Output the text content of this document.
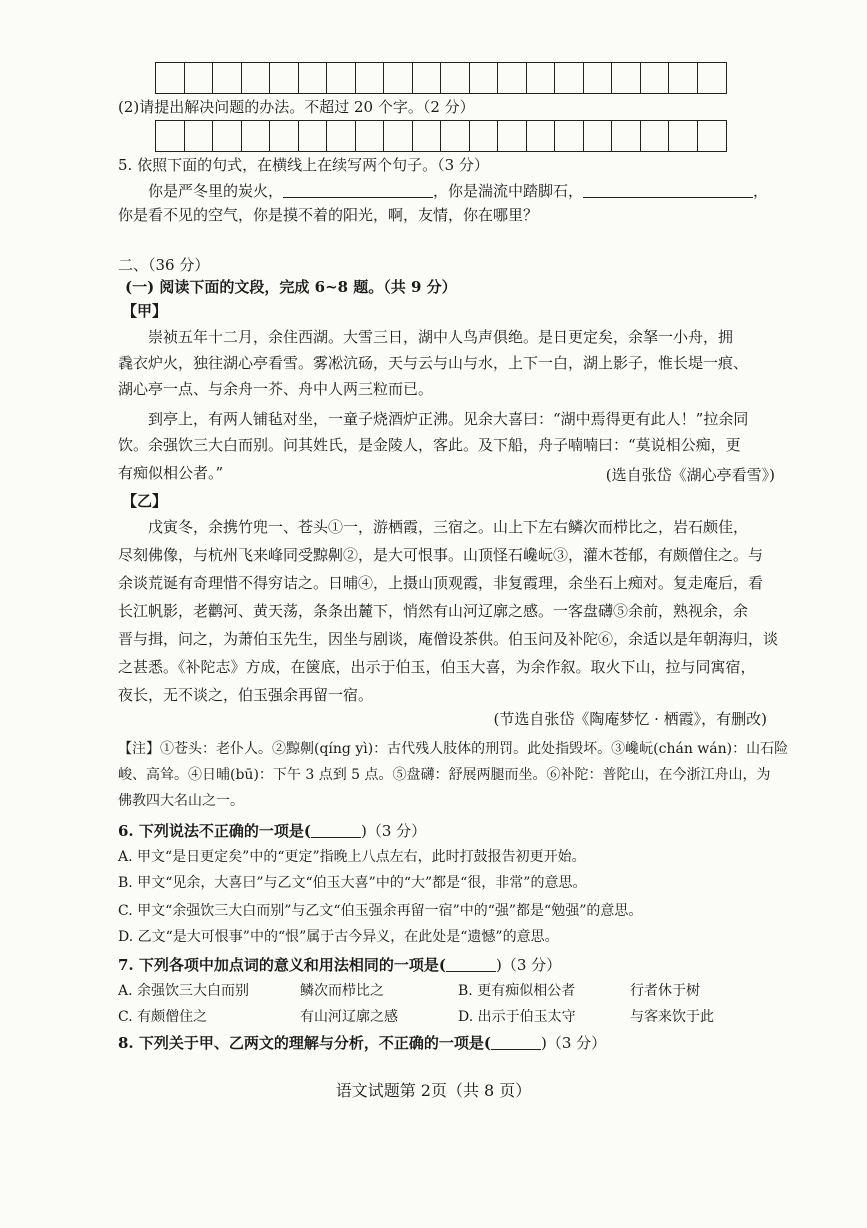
(2)请提出解决问题的办法。不超过 20 个字。（2 分）
5. 依照下面的句式，在横线上在续写两个句子。（3 分）
你是严冬里的炭火，	，你是湍流中踏脚石，	，
你是看不见的空气，你是摸不着的阳光，啊，友情，你在哪里？
二、（36 分）
(一) 阅读下面的文段，完成 6~8 题。（共 9 分）
【甲】
崇祯五年十二月，余住西湖。大雪三日，湖中人鸟声俱绝。是日更定矣，余拏一小舟，拥
毳衣炉火，独往湖心亭看雪。雾凇沆砀，天与云与山与水，上下一白，湖上影子，惟长堤一痕、
湖心亭一点、与余舟一芥、舟中人两三粒而已。
到亭上，有两人铺毡对坐，一童子烧酒炉正沸。见余大喜曰：“湖中焉得更有此人！”拉余同
饮。余强饮三大白而别。问其姓氏，是金陵人，客此。及下船，舟子喃喃曰：“莫说相公痴，更
有痴似相公者。”	(选自张岱《湖心亭看雪》)
【乙】
戊寅冬，余携竹兜一、苍头①一，游栖霞，三宿之。山上下左右鳞次而栉比之，岩石颇佳，
尽刻佛像，与杭州飞来峰同受黥劓②，是大可恨事。山顶怪石巉岏③，灌木苍郁，有颇僧住之。与
余谈荒诞有奇理惜不得穷诘之。日晡④，上摄山顶观霞，非复霞理，余坐石上痴对。复走庵后，看
长江帆影，老鹳河、黄天荡，条条出麓下，悄然有山河辽廓之感。一客盘礴⑤余前，熟视余，余
晋与揖，问之，为萧伯玉先生，因坐与剧谈，庵僧设茶供。伯玉问及补陀⑥，余适以是年朝海归，谈
之甚悉。《补陀志》方成，在箧底，出示于伯玉，伯玉大喜，为余作叙。取火下山，拉与同寓宿，
夜长，无不谈之，伯玉强余再留一宿。
(节选自张岱《陶庵梦忆 · 栖霞》，有删改)
【注】①苍头：老仆人。②黥劓(qíng yì)：古代残人肢体的刑罚。此处指毁坏。③巉岏(chán wán)：山石险
峻、高耸。④日晡(bū)：下午 3 点到 5 点。⑤盘礴：舒展两腿而坐。⑥补陀：普陀山，在今浙江舟山，为
佛教四大名山之一。
6. 下列说法不正确的一项是(	)（3 分）
A. 甲文“是日更定矣”中的“更定”指晚上八点左右，此时打鼓报告初更开始。
B. 甲文“见余，大喜曰”与乙文“伯玉大喜”中的“大”都是“很，非常”的意思。
C. 甲文“余强饮三大白而别”与乙文“伯玉强余再留一宿”中的“强”都是“勉强”的意思。
D. 乙文“是大可恨事”中的“恨”属于古今异义，在此处是“遗憾”的意思。
7. 下列各项中加点词的意义和用法相同的一项是(	)（3 分）
A. 余强饮三大白而别	鳞次而栉比之	B. 更有痴似相公者	行者休于树
C. 有颇僧住之	有山河辽廓之感	D. 出示于伯玉太守	与客来饮于此
8. 下列关于甲、乙两文的理解与分析，不正确的一项是(	)（3 分）
语文试题第 2页（共 8 页）
